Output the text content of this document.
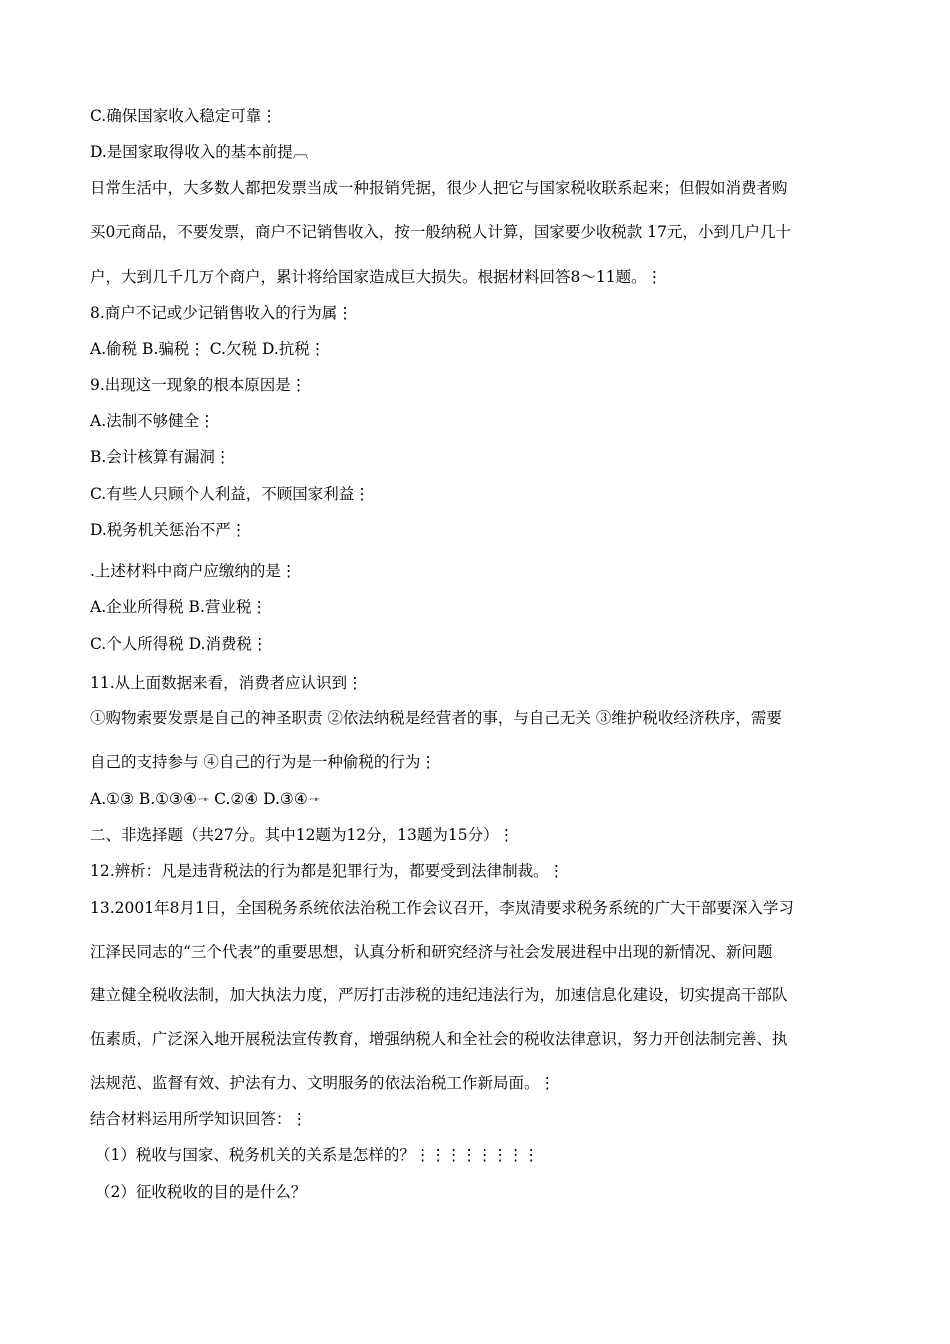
C.确保国家收入稳定可靠⋮
D.是国家取得收入的基本前提︹
日常生活中，大多数人都把发票当成一种报销凭据，很少人把它与国家税收联系起来；但假如消费者购
买0元商品，不要发票，商户不记销售收入，按一般纳税人计算，国家要少收税款 17元，小到几户几十
户，大到几千几万个商户，累计将给国家造成巨大损失。根据材料回答8～11题。⋮
8.商户不记或少记销售收入的行为属⋮
A.偷税 B.骗税⋮ C.欠税 D.抗税⋮
9.出现这一现象的根本原因是⋮
A.法制不够健全⋮
B.会计核算有漏洞⋮
C.有些人只顾个人利益，不顾国家利益⋮
D.税务机关惩治不严⋮
.上述材料中商户应缴纳的是⋮
A.企业所得税 B.营业税⋮
C.个人所得税 D.消费税⋮
11.从上面数据来看，消费者应认识到⋮
①购物索要发票是自己的神圣职责 ②依法纳税是经营者的事，与自己无关 ③维护税收经济秩序，需要
自己的支持参与 ④自己的行为是一种偷税的行为⋮
A.①③ B.①③④🙬 C.②④ D.③④🙬
二、非选择题（共27分。其中12题为12分，13题为15分）⋮
12.辨析：凡是违背税法的行为都是犯罪行为，都要受到法律制裁。⋮
13.2001年8月1日，全国税务系统依法治税工作会议召开，李岚清要求税务系统的广大干部要深入学习
江泽民同志的“三个代表”的重要思想，认真分析和研究经济与社会发展进程中出现的新情况、新问题
建立健全税收法制，加大执法力度，严厉打击涉税的违纪违法行为，加速信息化建设，切实提高干部队
伍素质，广泛深入地开展税法宣传教育，增强纳税人和全社会的税收法律意识，努力开创法制完善、执
法规范、监督有效、护法有力、文明服务的依法治税工作新局面。⋮
结合材料运用所学知识回答：⋮
（1）税收与国家、税务机关的关系是怎样的？⋮⋮⋮⋮⋮⋮⋮⋮
（2）征收税收的目的是什么？
